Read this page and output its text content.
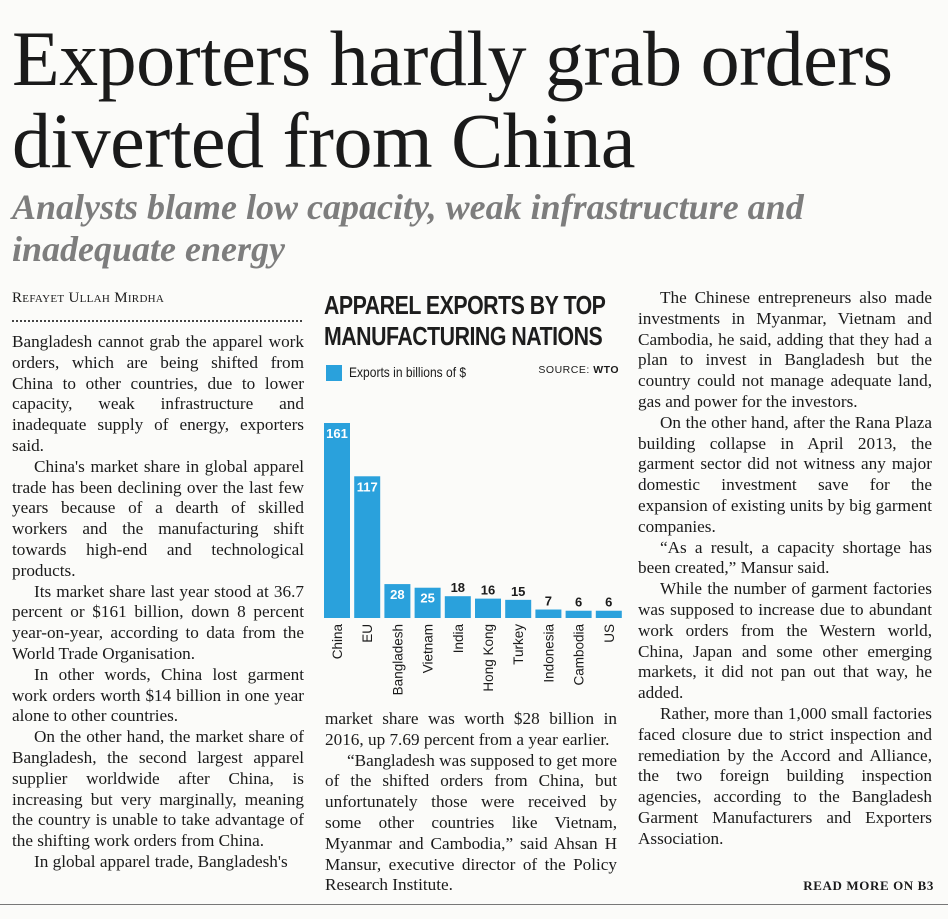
Exporters hardly grab orders diverted from China
Analysts blame low capacity, weak infrastructure and inadequate energy

Refayet Ullah Mirdha

Bangladesh cannot grab the apparel work orders, which are being shifted from China to other countries, due to lower capacity, weak infrastructure and inadequate supply of energy, exporters said.

China's market share in global apparel trade has been declining over the last few years because of a dearth of skilled workers and the manufacturing shift towards high-end and technological products.

Its market share last year stood at 36.7 percent or $161 billion, down 8 percent year-on-year, according to data from the World Trade Organisation.

In other words, China lost garment work orders worth $14 billion in one year alone to other countries.

On the other hand, the market share of Bangladesh, the second largest apparel supplier worldwide after China, is increasing but very marginally, meaning the country is unable to take advantage of the shifting work orders from China.

In global apparel trade, Bangladesh's

APPAREL EXPORTS BY TOP
MANUFACTURING NATIONS
Exports in billions of $	SOURCE: WTO
161
China
117
EU
28
Bangladesh
25
Vietnam
18
India
16
Hong Kong
15
Turkey
7
Indonesia
6
Cambodia
6
US

market share was worth $28 billion in 2016, up 7.69 percent from a year earlier.

“Bangladesh was supposed to get more of the shifted orders from China, but unfortunately those were received by some other countries like Vietnam, Myanmar and Cambodia,” said Ahsan H Mansur, executive director of the Policy Research Institute.

The Chinese entrepreneurs also made investments in Myanmar, Vietnam and Cambodia, he said, adding that they had a plan to invest in Bangladesh but the country could not manage adequate land, gas and power for the investors.

On the other hand, after the Rana Plaza building collapse in April 2013, the garment sector did not witness any major domestic investment save for the expansion of existing units by big garment companies.

“As a result, a capacity shortage has been created,” Mansur said.

While the number of garment factories was supposed to increase due to abundant work orders from the Western world, China, Japan and some other emerging markets, it did not pan out that way, he added.

Rather, more than 1,000 small factories faced closure due to strict inspection and remediation by the Accord and Alliance, the two foreign building inspection agencies, according to the Bangladesh Garment Manufacturers and Exporters Association.

READ MORE ON B3
